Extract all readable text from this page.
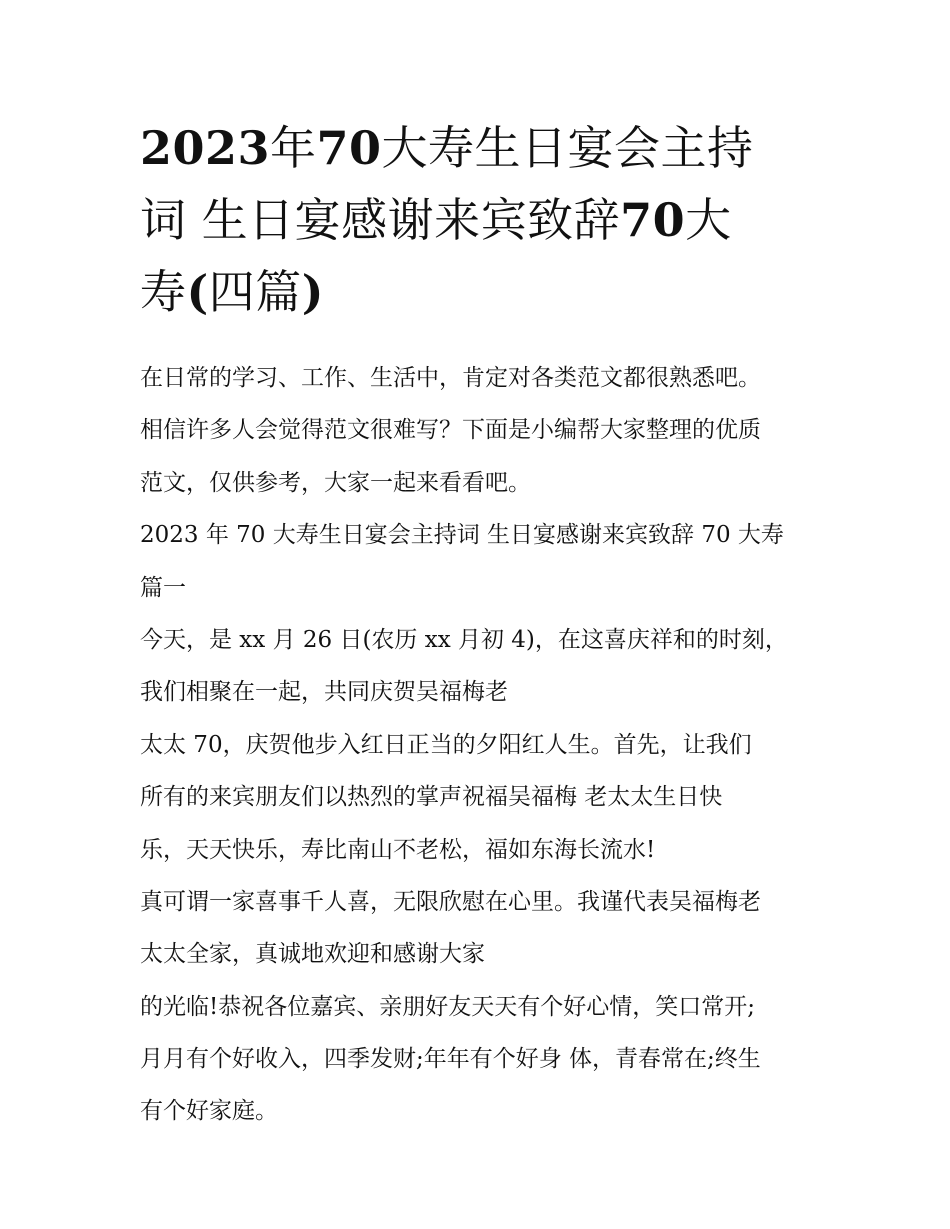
2023年70大寿生日宴会主持
词 生日宴感谢来宾致辞70大
寿(四篇)
在日常的学习、工作、生活中，肯定对各类范文都很熟悉吧。
相信许多人会觉得范文很难写？下面是小编帮大家整理的优质
范文，仅供参考，大家一起来看看吧。
2023 年 70 大寿生日宴会主持词 生日宴感谢来宾致辞 70 大寿
篇一
今天，是 xx 月 26 日(农历 xx 月初 4)，在这喜庆祥和的时刻，
我们相聚在一起，共同庆贺吴福梅老
太太 70，庆贺他步入红日正当的夕阳红人生。首先，让我们
所有的来宾朋友们以热烈的掌声祝福吴福梅 老太太生日快
乐，天天快乐，寿比南山不老松，福如东海长流水!
真可谓一家喜事千人喜，无限欣慰在心里。我谨代表吴福梅老
太太全家，真诚地欢迎和感谢大家
的光临!恭祝各位嘉宾、亲朋好友天天有个好心情，笑口常开;
月月有个好收入，四季发财;年年有个好身 体，青春常在;终生
有个好家庭。
